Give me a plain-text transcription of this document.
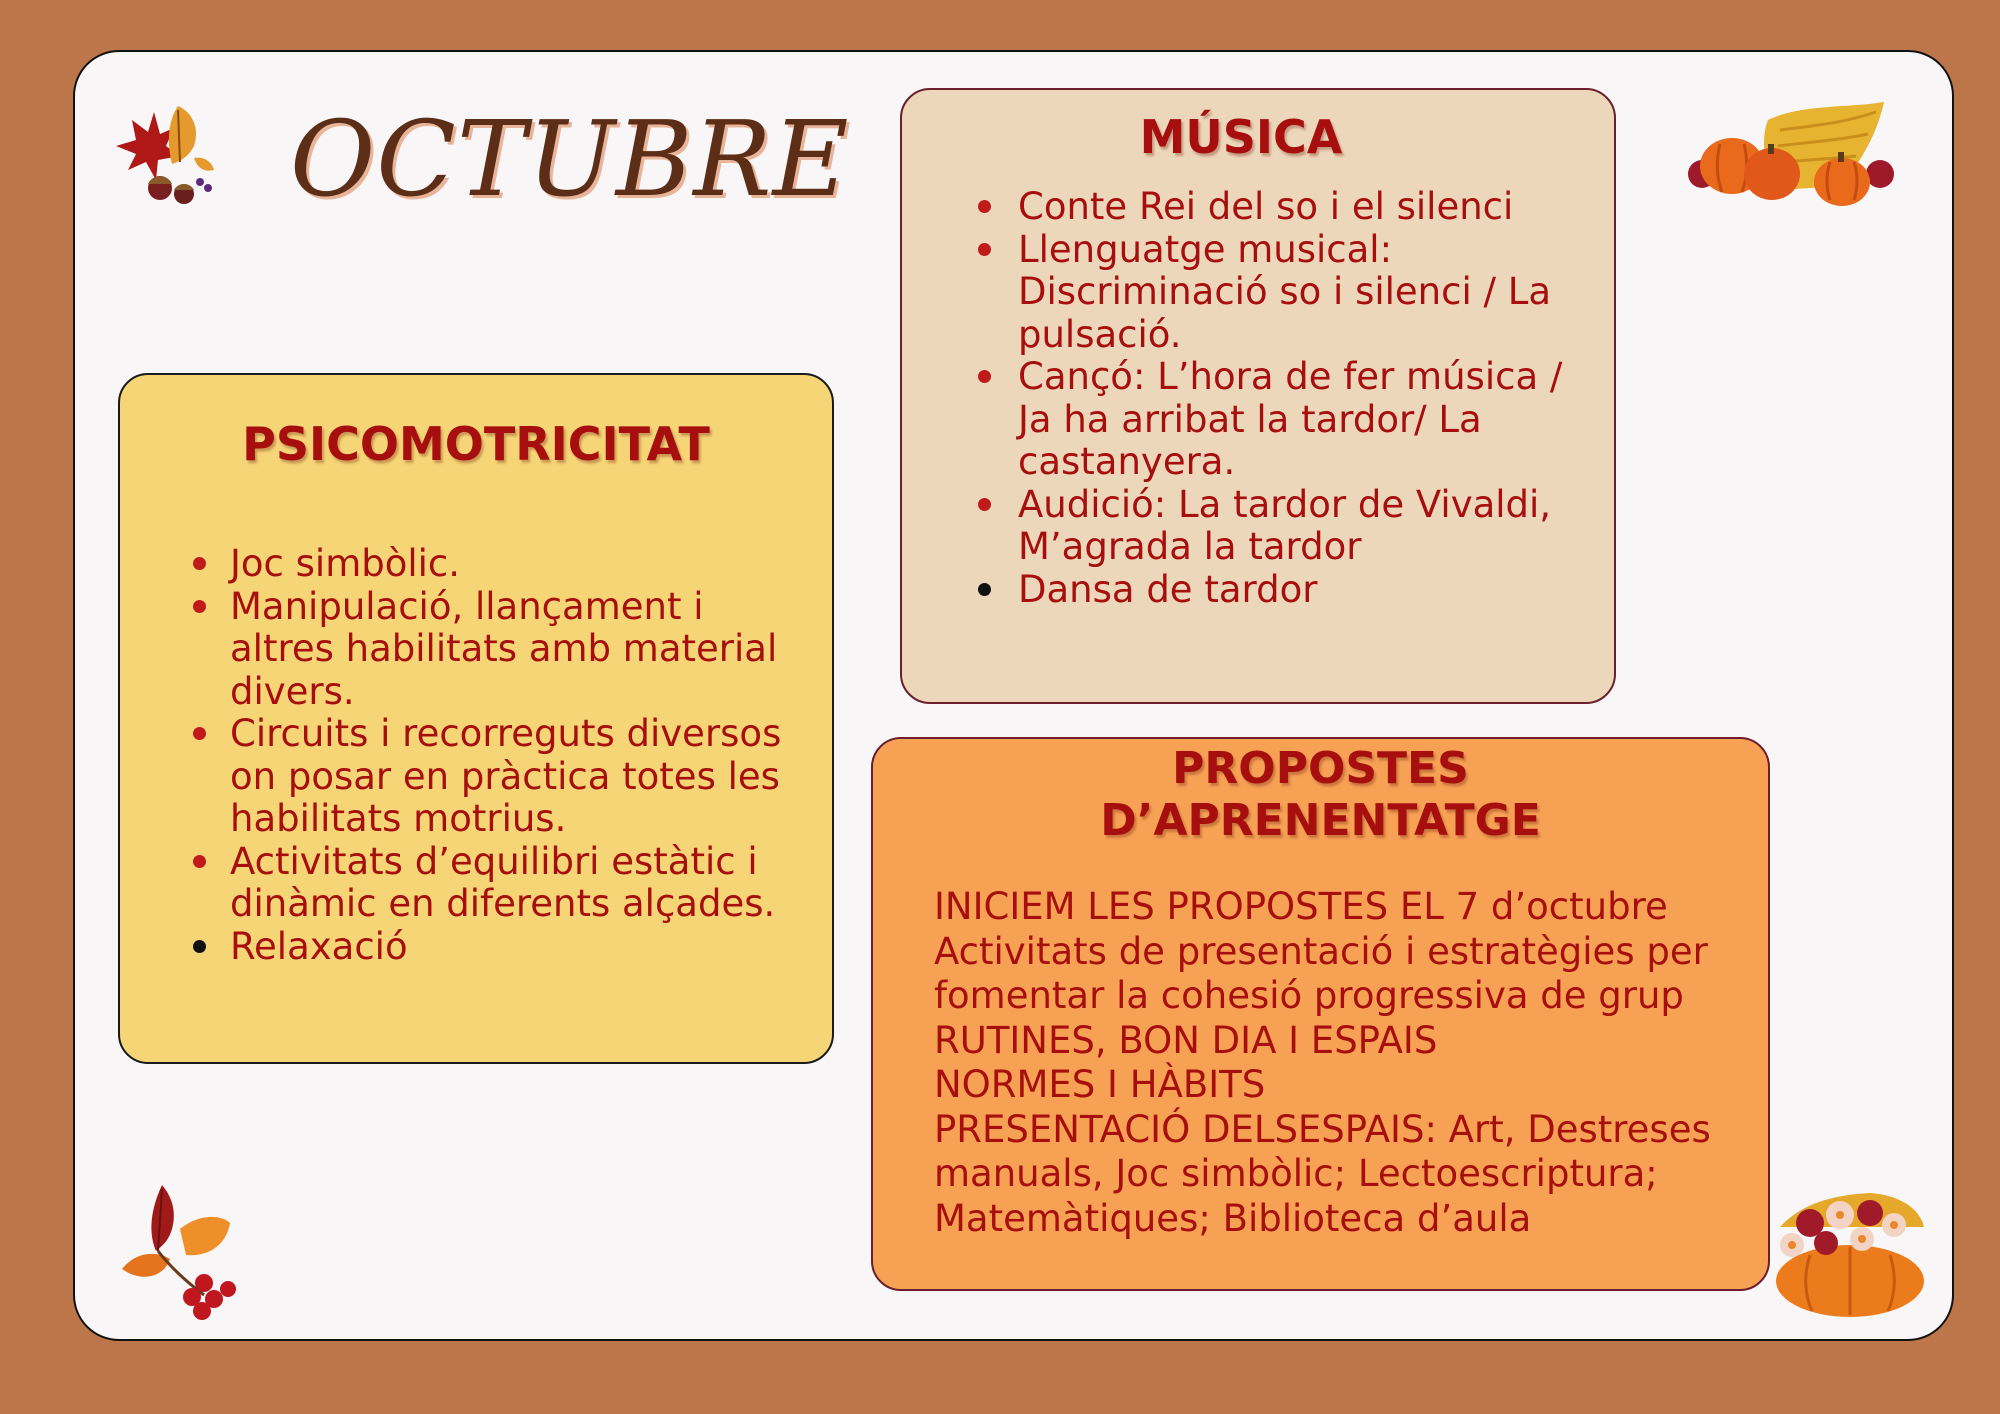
OCTUBRE
PSICOMOTRICITAT
Joc simbòlic.
Manipulació, llançament i
altres habilitats amb material
divers.
Circuits i recorreguts diversos
on posar en pràctica totes les
habilitats motrius.
Activitats d’equilibri estàtic i
dinàmic en diferents alçades.
Relaxació
MÚSICA
Conte Rei del so i el silenci
Llenguatge musical:
Discriminació so i silenci / La
pulsació.
Cançó: L’hora de fer música /
Ja ha arribat la tardor/ La
castanyera.
Audició: La tardor de Vivaldi,
M’agrada la tardor
Dansa de tardor
PROPOSTES
D’APRENENTATGE
INICIEM LES PROPOSTES EL 7 d’octubre
Activitats de presentació i estratègies per
fomentar la cohesió progressiva de grup
RUTINES, BON DIA I ESPAIS
NORMES I HÀBITS
PRESENTACIÓ DELSESPAIS: Art, Destreses
manuals, Joc simbòlic; Lectoescriptura;
Matemàtiques; Biblioteca d’aula
